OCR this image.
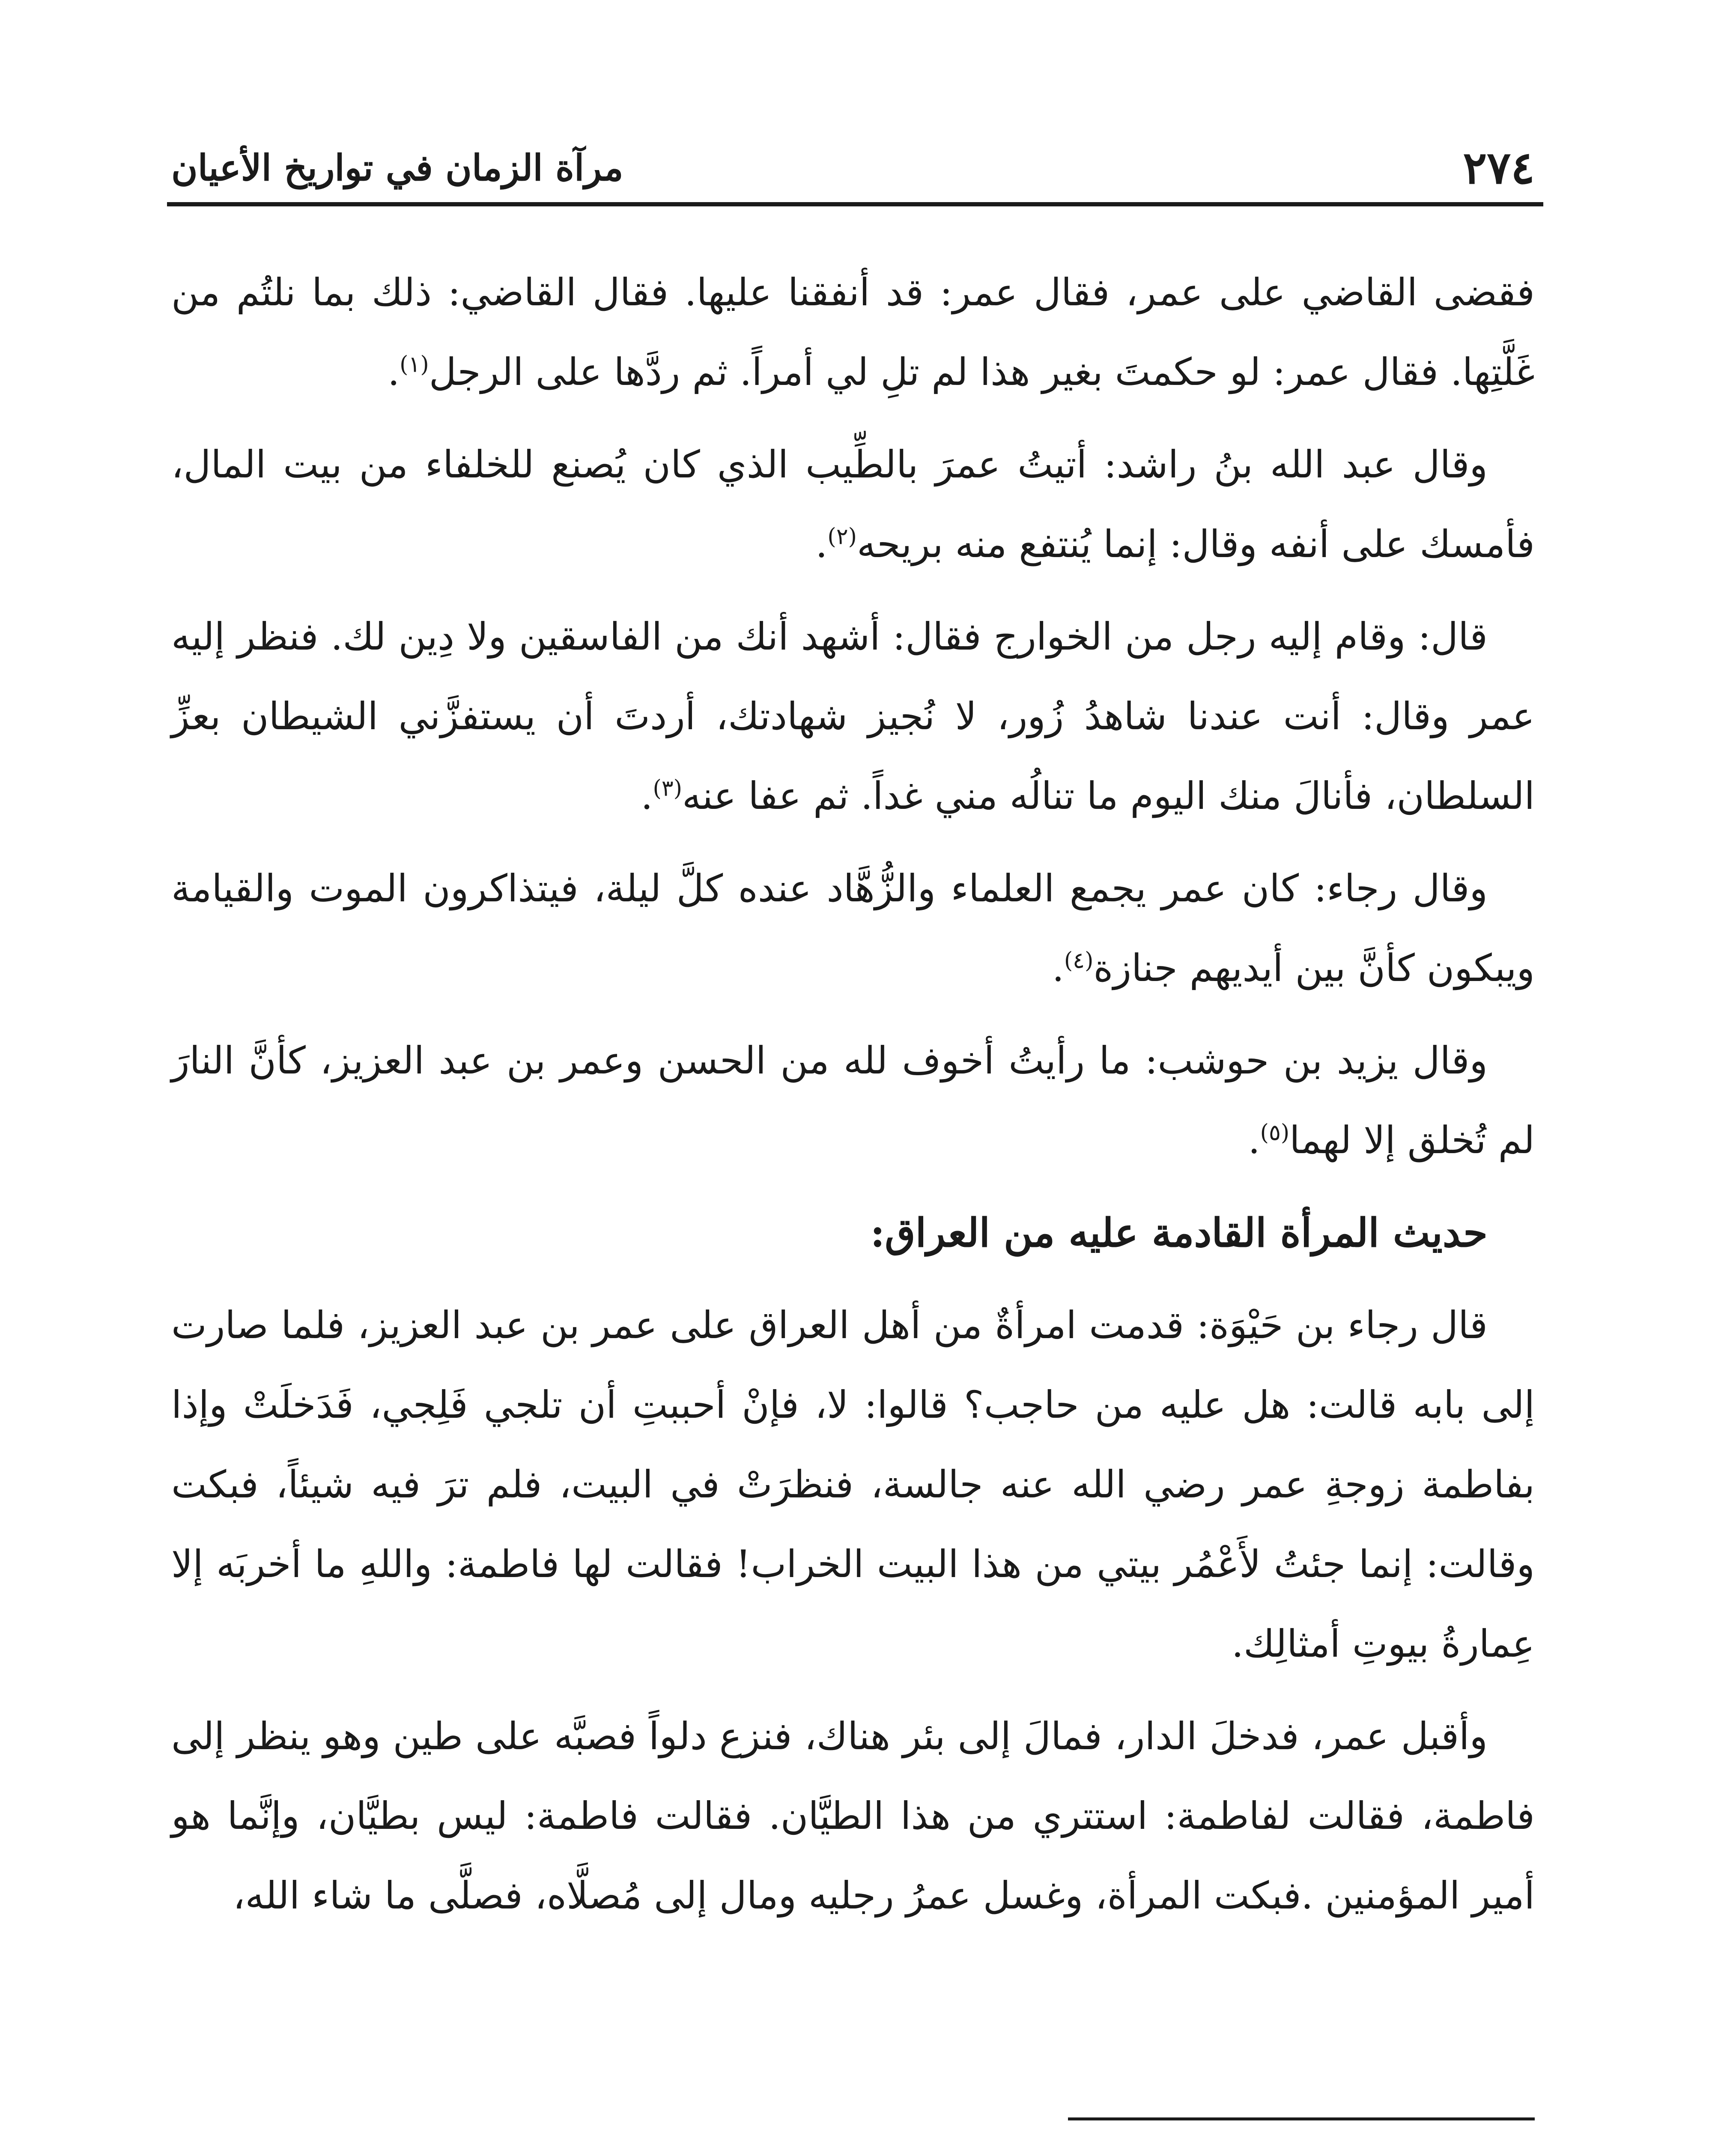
٢٧٤
مرآة الزمان في تواريخ الأعيان

فقضى القاضي على عمر، فقال عمر: قد أنفقنا عليها. فقال القاضي: ذلك بما نلتُم من غَلَّتِها. فقال عمر: لو حكمتَ بغير هذا لم تلِ لي أمراً. ثم ردَّها على الرجل$^{(١)}$.

وقال عبد الله بنُ راشد: أتيتُ عمرَ بالطِّيب الذي كان يُصنع للخلفاء من بيت المال، فأمسك على أنفه وقال: إنما يُنتفع منه بريحه$^{(٢)}$.

قال: وقام إليه رجل من الخوارج فقال: أشهد أنك من الفاسقين ولا دِين لك. فنظر إليه عمر وقال: أنت عندنا شاهدُ زُور، لا نُجيز شهادتك، أردتَ أن يستفزَّني الشيطان بعزِّ السلطان، فأنالَ منك اليوم ما تنالُه مني غداً. ثم عفا عنه$^{(٣)}$.

وقال رجاء: كان عمر يجمع العلماء والزُّهَّاد عنده كلَّ ليلة، فيتذاكرون الموت والقيامة ويبكون كأنَّ بين أيديهم جنازة$^{(٤)}$.

وقال يزيد بن حوشب: ما رأيتُ أخوف لله من الحسن وعمر بن عبد العزيز، كأنَّ النارَ لم تُخلق إلا لهما$^{(٥)}$.

حديث المرأة القادمة عليه من العراق:

قال رجاء بن حَيْوَة: قدمت امرأةٌ من أهل العراق على عمر بن عبد العزيز، فلما صارت إلى بابه قالت: هل عليه من حاجب؟ قالوا: لا، فإنْ أحببتِ أن تلجي فَلِجي، فَدَخلَتْ وإذا بفاطمة زوجةِ عمر رضي الله عنه جالسة، فنظرَتْ في البيت، فلم ترَ فيه شيئاً، فبكت وقالت: إنما جئتُ لأَعْمُر بيتي من هذا البيت الخراب! فقالت لها فاطمة: واللهِ ما أخربَه إلا عِمارةُ بيوتِ أمثالِك.

وأقبل عمر، فدخلَ الدار، فمالَ إلى بئر هناك، فنزع دلواً فصبَّه على طين وهو ينظر إلى فاطمة، فقالت لفاطمة: استتري من هذا الطيَّان. فقالت فاطمة: ليس بطيَّان، وإنَّما هو أمير المؤمنين .فبكت المرأة، وغسل عمرُ رجليه ومال إلى مُصلَّاه، فصلَّى ما شاء الله،
